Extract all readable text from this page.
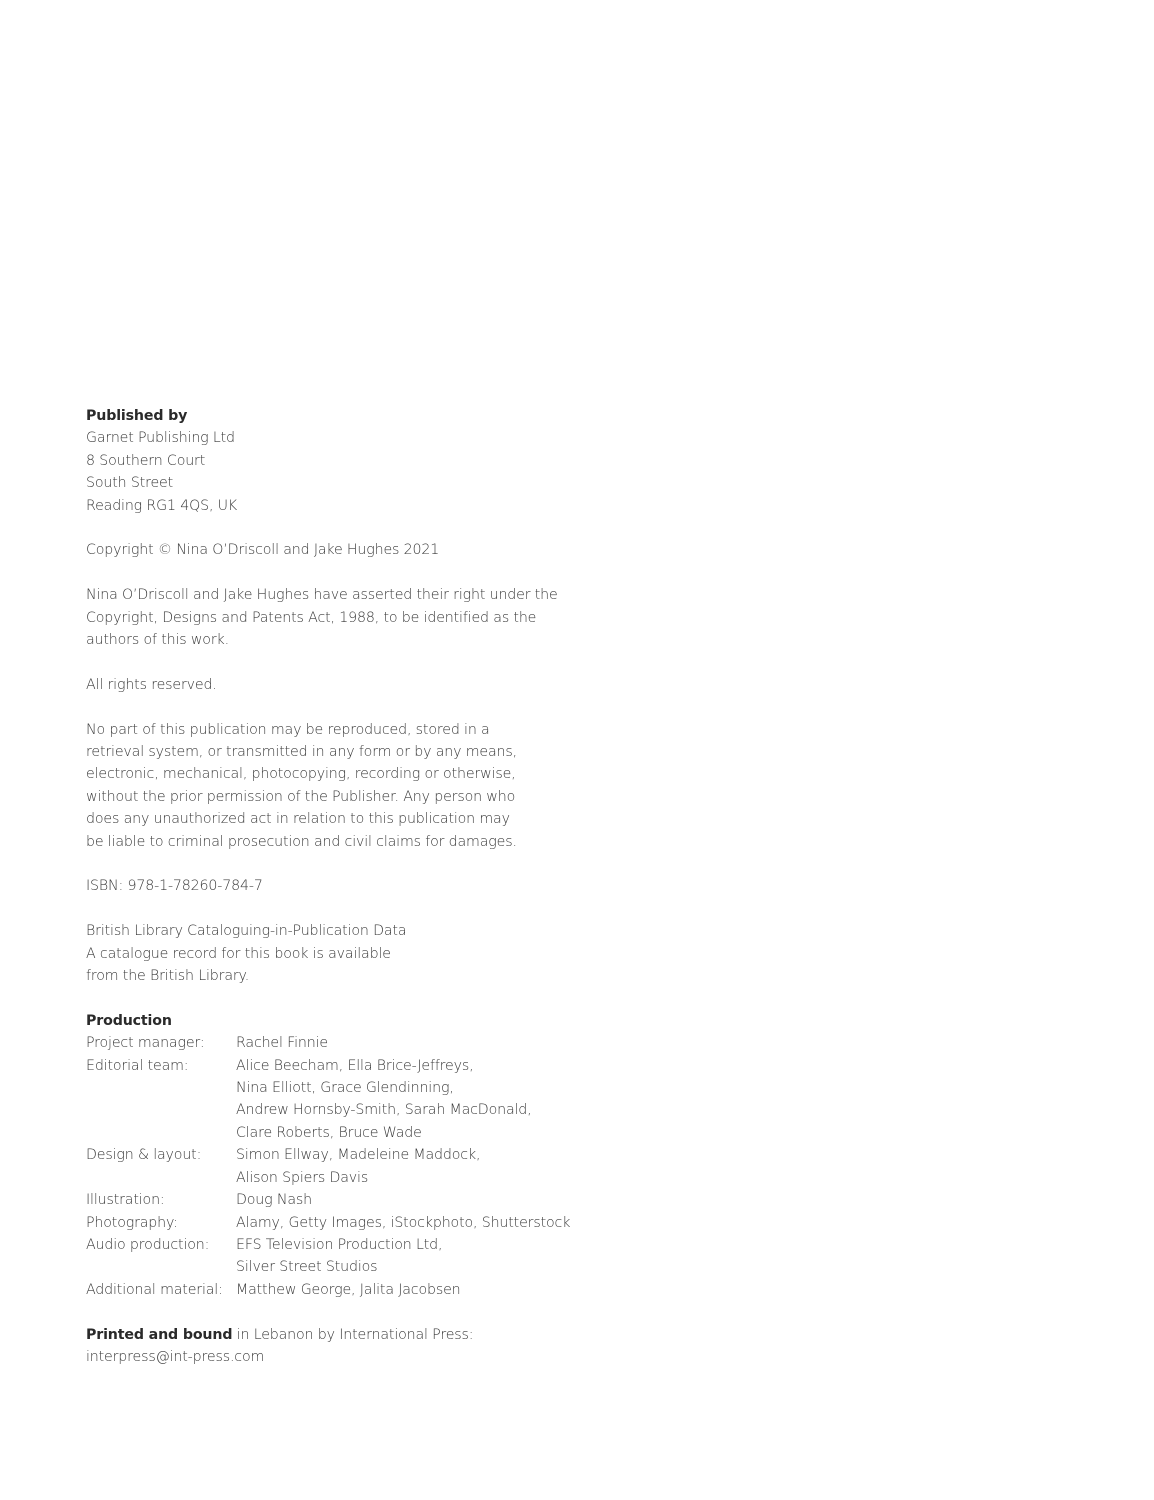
Published by
Garnet Publishing Ltd
8 Southern Court
South Street
Reading RG1 4QS, UK
Copyright © Nina O’Driscoll and Jake Hughes 2021
Nina O’Driscoll and Jake Hughes have asserted their right under the
Copyright, Designs and Patents Act, 1988, to be identified as the
authors of this work.
All rights reserved.
No part of this publication may be reproduced, stored in a
retrieval system, or transmitted in any form or by any means,
electronic, mechanical, photocopying, recording or otherwise,
without the prior permission of the Publisher. Any person who
does any unauthorized act in relation to this publication may
be liable to criminal prosecution and civil claims for damages.
ISBN: 978-1-78260-784-7
British Library Cataloguing-in-Publication Data
A catalogue record for this book is available
from the British Library.
Production
Project manager:	Rachel Finnie

Editorial team:	Alice Beecham, Ella Brice-Jeffreys,
Nina Elliott, Grace Glendinning,
Andrew Hornsby-Smith, Sarah MacDonald,
Clare Roberts, Bruce Wade

Design & layout:	Simon Ellway, Madeleine Maddock,
Alison Spiers Davis

Illustration:	Doug Nash

Photography:	Alamy, Getty Images, iStockphoto, Shutterstock

Audio production:	EFS Television Production Ltd,
Silver Street Studios

Additional material:	Matthew George, Jalita Jacobsen
Printed and bound in Lebanon by International Press:
interpress@int-press.com
